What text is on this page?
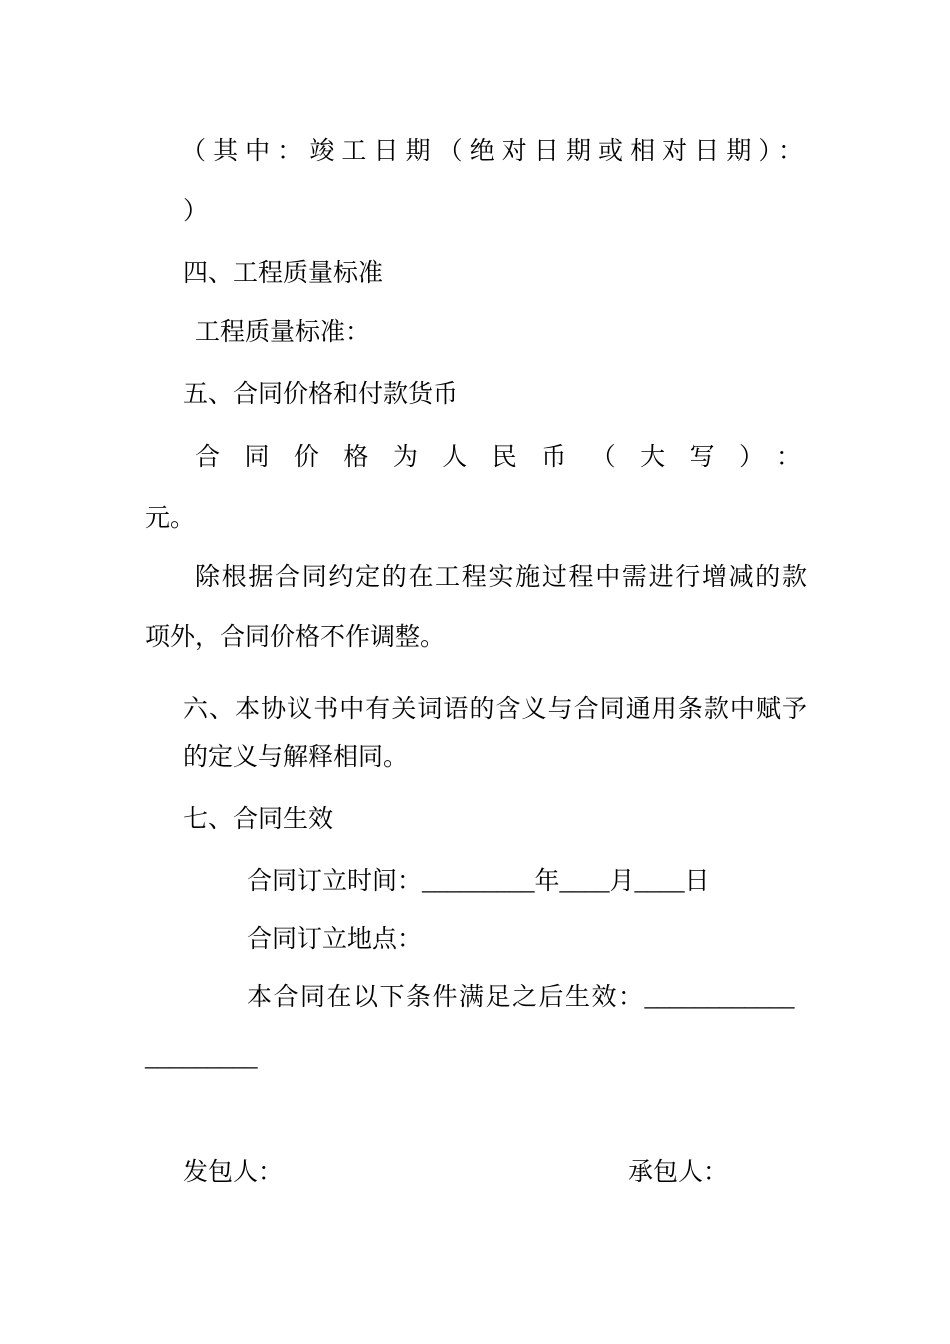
（其中：竣工日期（绝对日期或相对日期）：
）
四、工程质量标准
工程质量标准：
五、合同价格和付款货币
合同价格为人民币（大写）：
元。
除根据合同约定的在工程实施过程中需进行增减的款
项外，合同价格不作调整。
六、本协议书中有关词语的含义与合同通用条款中赋予
的定义与解释相同。
七、合同生效
合同订立时间：_________年____月____日
合同订立地点：
本合同在以下条件满足之后生效：____________
_________
发包人：	承包人：
